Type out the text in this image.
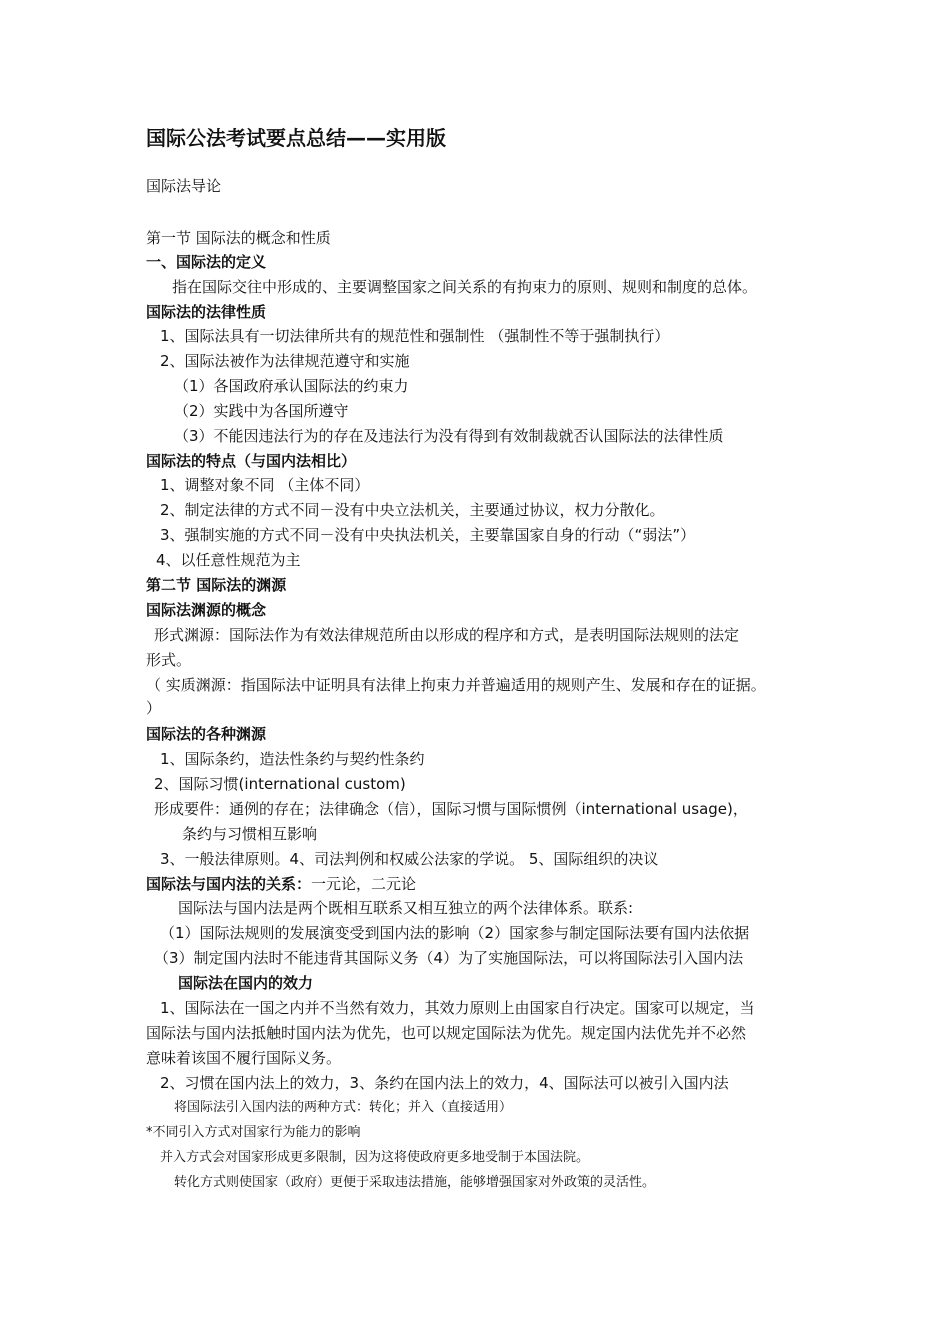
国际公法考试要点总结——实用版
国际法导论
第一节 国际法的概念和性质
一、国际法的定义
指在国际交往中形成的、主要调整国家之间关系的有拘束力的原则、规则和制度的总体。
国际法的法律性质
1、国际法具有一切法律所共有的规范性和强制性 （强制性不等于强制执行）
2、国际法被作为法律规范遵守和实施
（1）各国政府承认国际法的约束力
（2）实践中为各国所遵守
（3）不能因违法行为的存在及违法行为没有得到有效制裁就否认国际法的法律性质
国际法的特点（与国内法相比）
1、调整对象不同 （主体不同）
2、制定法律的方式不同－没有中央立法机关，主要通过协议，权力分散化。
3、强制实施的方式不同－没有中央执法机关，主要靠国家自身的行动（“弱法”）
4、以任意性规范为主
第二节 国际法的渊源
国际法渊源的概念
形式渊源：国际法作为有效法律规范所由以形成的程序和方式，是表明国际法规则的法定
形式。
（ 实质渊源：指国际法中证明具有法律上拘束力并普遍适用的规则产生、发展和存在的证据。
）
国际法的各种渊源
1、国际条约，造法性条约与契约性条约
2、国际习惯(international custom)
形成要件：通例的存在；法律确念（信），国际习惯与国际惯例（international usage)，
条约与习惯相互影响
3、一般法律原则。4、司法判例和权威公法家的学说。 5、国际组织的决议
国际法与国内法的关系：一元论，二元论
国际法与国内法是两个既相互联系又相互独立的两个法律体系。联系:
（1）国际法规则的发展演变受到国内法的影响（2）国家参与制定国际法要有国内法依据
（3）制定国内法时不能违背其国际义务（4）为了实施国际法，可以将国际法引入国内法
国际法在国内的效力
1、国际法在一国之内并不当然有效力，其效力原则上由国家自行决定。国家可以规定，当
国际法与国内法抵触时国内法为优先，也可以规定国际法为优先。规定国内法优先并不必然
意味着该国不履行国际义务。
2、习惯在国内法上的效力，3、条约在国内法上的效力，4、国际法可以被引入国内法
将国际法引入国内法的两种方式：转化；并入（直接适用）
*不同引入方式对国家行为能力的影响
并入方式会对国家形成更多限制，因为这将使政府更多地受制于本国法院。
转化方式则使国家（政府）更便于采取违法措施，能够增强国家对外政策的灵活性。
